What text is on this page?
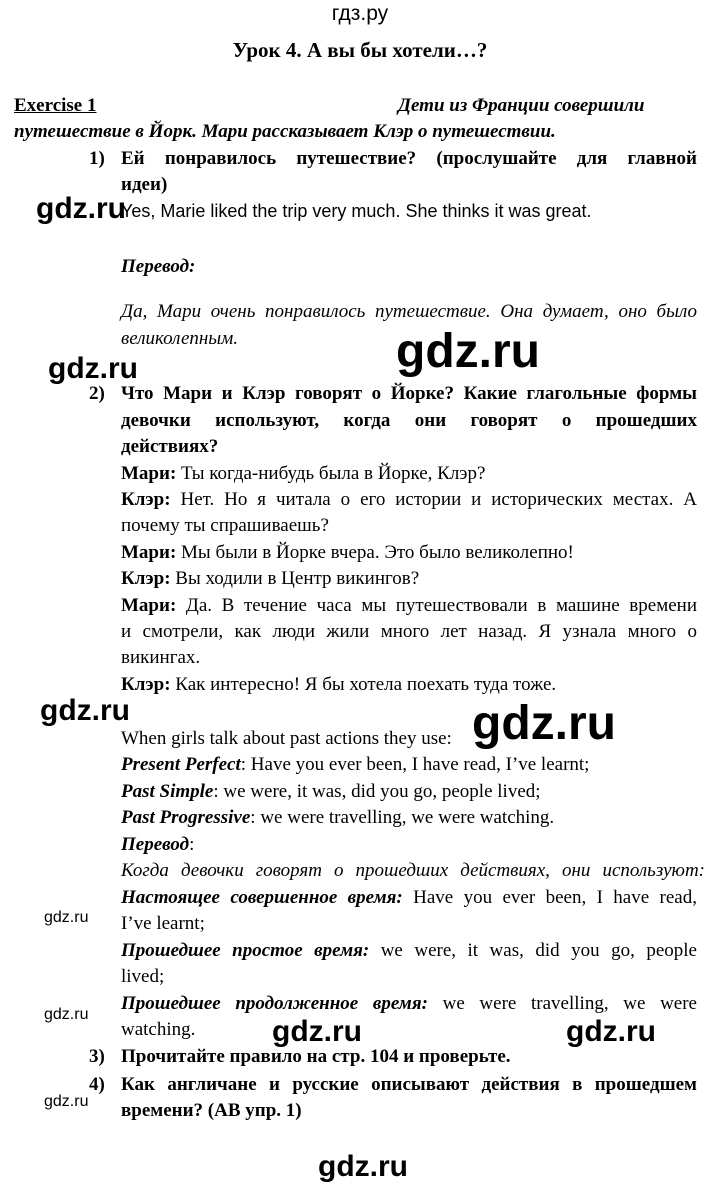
гдз.ру
Урок 4. А вы бы хотели…?
Exercise 1	Дети из Франции совершили
путешествие в Йорк. Мари рассказывает Клэр о путешествии.
1) Ей понравилось путешествие? (прослушайте для главной
идеи)
gdz.ru
Yes, Marie liked the trip very much. She thinks it was great.
Перевод:
Да, Мари очень понравилось путешествие. Она думает, оно было
великолепным.	gdz.ru
gdz.ru
2) Что Мари и Клэр говорят о Йорке? Какие глагольные формы
девочки используют, когда они говорят о прошедших
действиях?
Мари: Ты когда-нибудь была в Йорке, Клэр?
Клэр: Нет. Но я читала о его истории и исторических местах. А
почему ты спрашиваешь?
Мари: Мы были в Йорке вчера. Это было великолепно!
Клэр: Вы ходили в Центр викингов?
Мари: Да. В течение часа мы путешествовали в машине времени
и смотрели, как люди жили много лет назад. Я узнала много о
викингах.
Клэр: Как интересно! Я бы хотела поехать туда тоже.
gdz.ru	gdz.ru
When girls talk about past actions they use:
Present Perfect: Have you ever been, I have read, I’ve learnt;
Past Simple: we were, it was, did you go, people lived;
Past Progressive: we were travelling, we were watching.
Перевод:
Когда девочки говорят о прошедших действиях, они используют:
Настоящее совершенное время: Have you ever been, I have read,
gdz.ru I’ve learnt;
Прошедшее простое время: we were, it was, did you go, people
lived;
Прошедшее продолженное время: we were travelling, we were
gdz.ru
watching.	gdz.ru	gdz.ru
3) Прочитайте правило на стр. 104 и проверьте.
4) Как англичане и русские описывают действия в прошедшем
gdz.ru времени? (AB упр. 1)
gdz.ru
